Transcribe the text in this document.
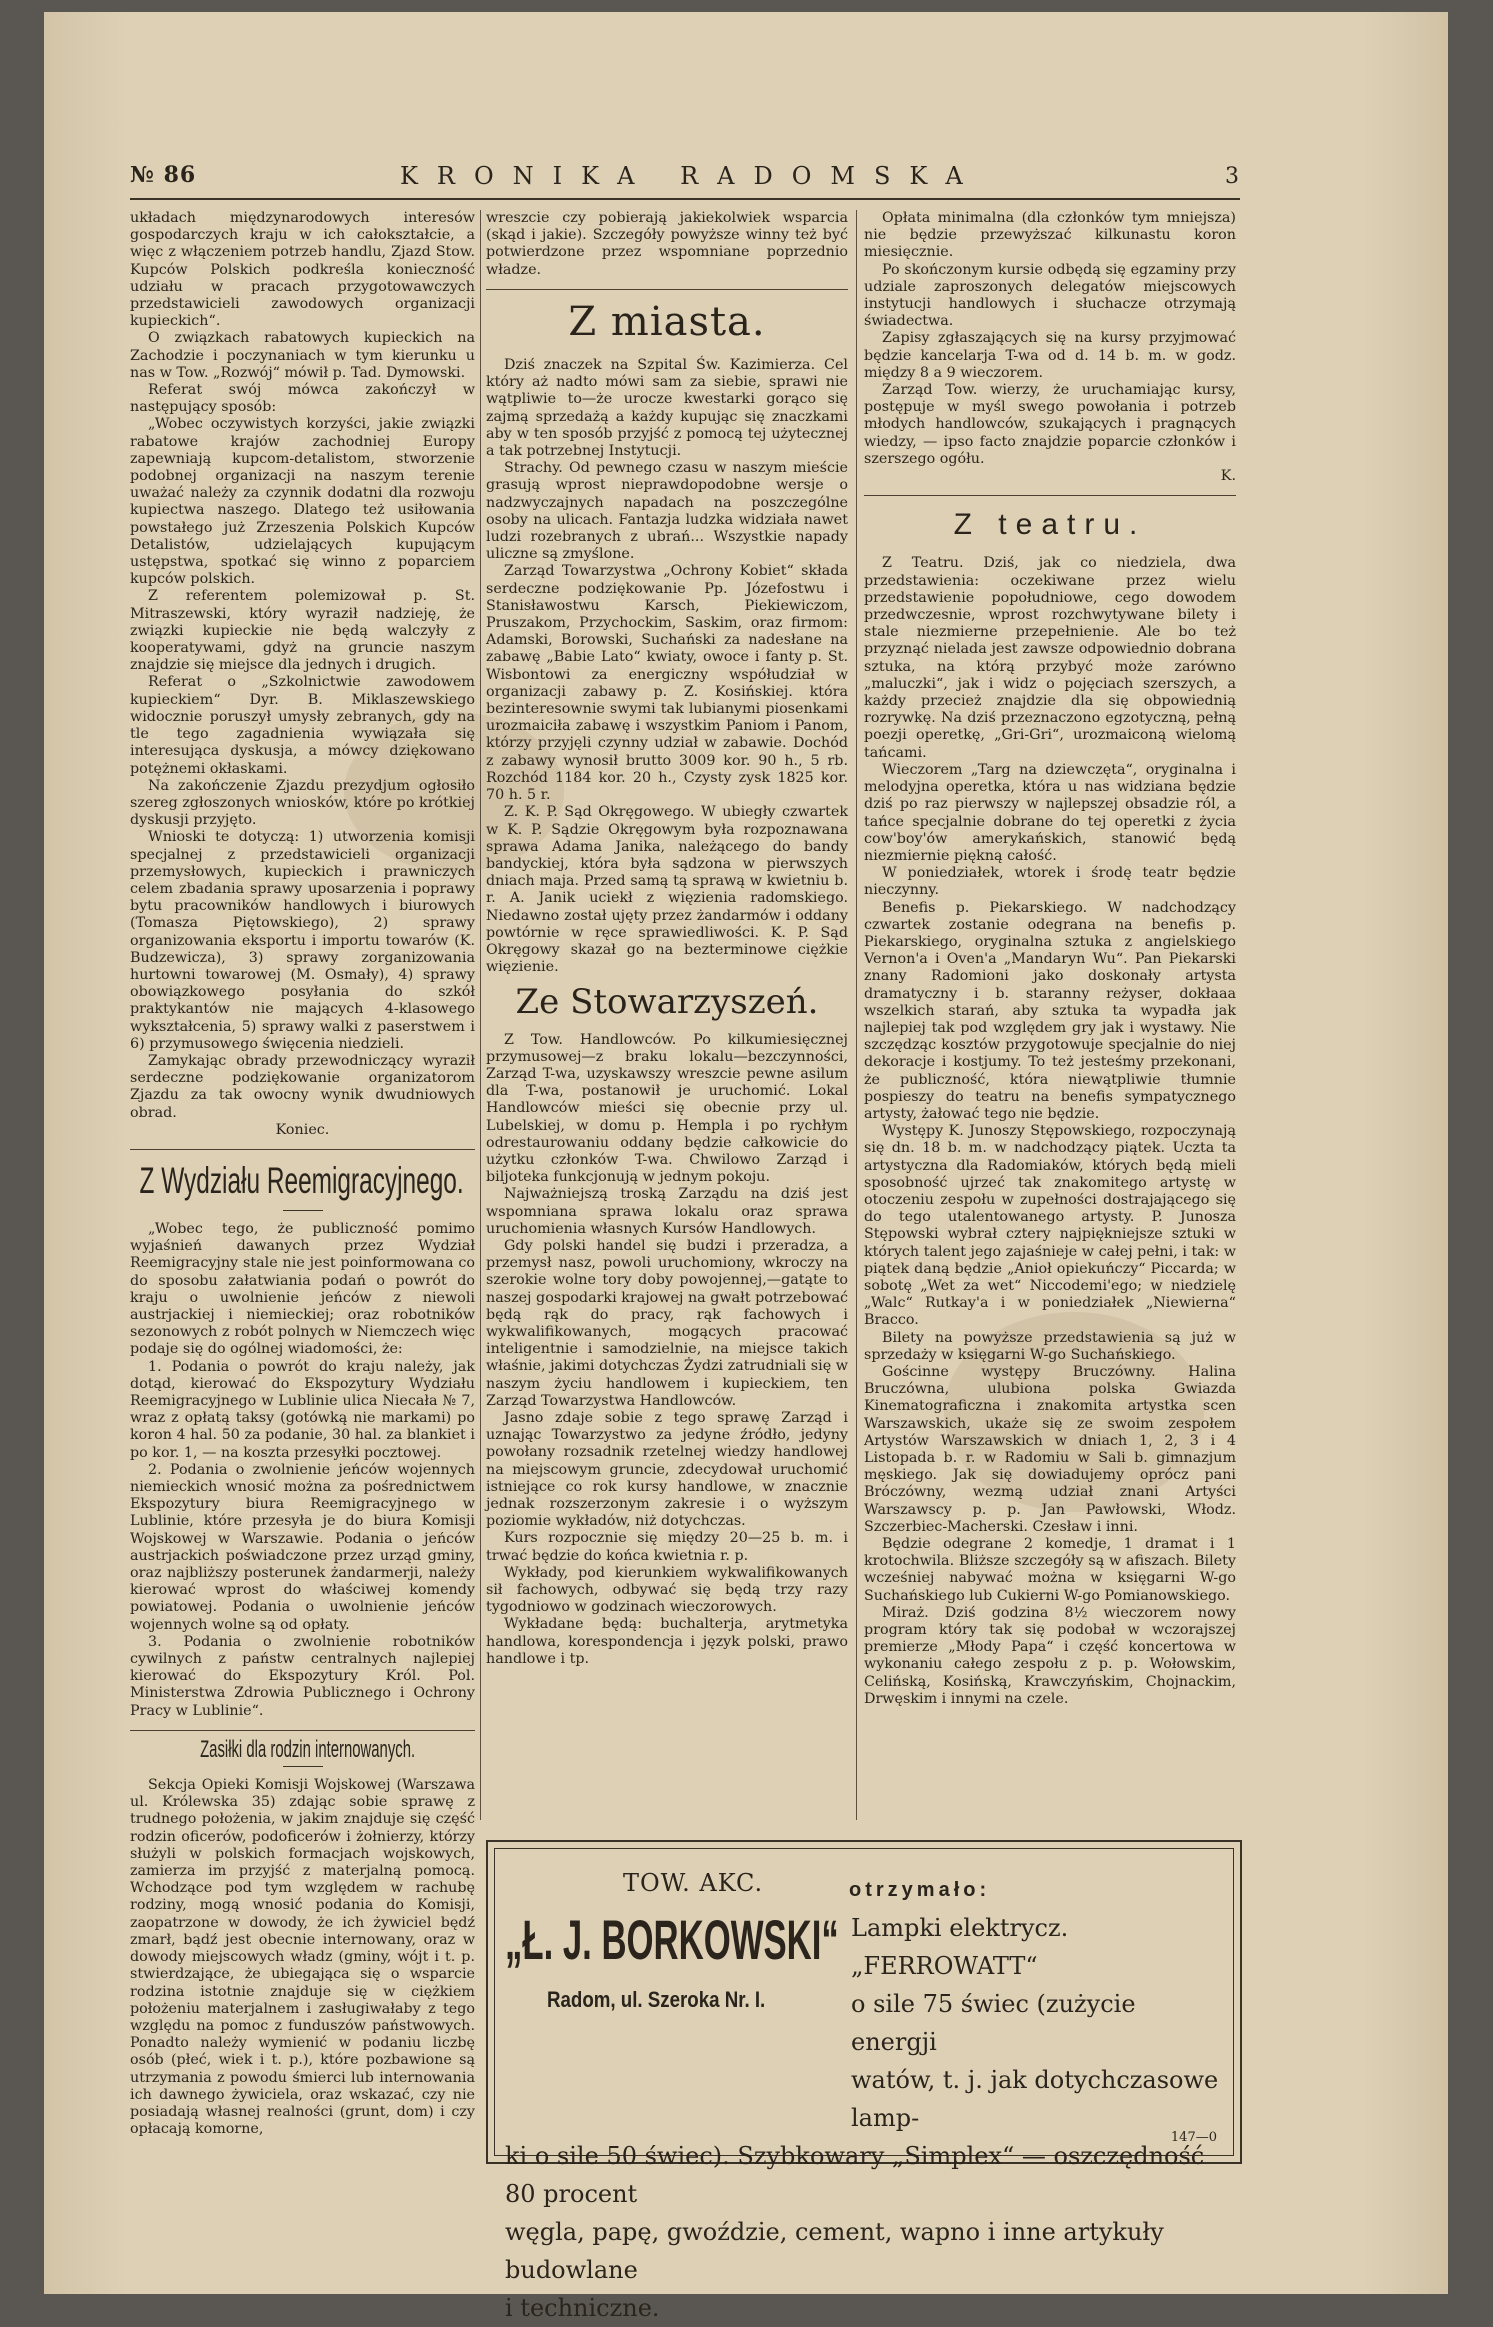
№ 86	KRONIKA RADOMSKA	3

układach międzynarodowych interesów gospodarczych kraju w ich całokształcie, a więc z włączeniem potrzeb handlu, Zjazd Stow. Kupców Polskich podkreśla konieczność udziału w pracach przygotowawczych przedstawicieli zawodowych organizacji kupieckich“.

O związkach rabatowych kupieckich na Zachodzie i poczynaniach w tym kierunku u nas w Tow. „Rozwój“ mówił p. Tad. Dymowski.

Referat swój mówca zakończył w następujący sposób:

„Wobec oczywistych korzyści, jakie związki rabatowe krajów zachodniej Europy zapewniają kupcom-detalistom, stworzenie podobnej organizacji na naszym terenie uważać należy za czynnik dodatni dla rozwoju kupiectwa naszego. Dlatego też usiłowania powstałego już Zrzeszenia Polskich Kupców Detalistów, udzielających kupującym ustępstwa, spotkać się winno z poparciem kupców polskich.

Z referentem polemizował p. St. Mitraszewski, który wyraził nadzieję, że związki kupieckie nie będą walczyły z kooperatywami, gdyż na gruncie naszym znajdzie się miejsce dla jednych i drugich.

Referat o „Szkolnictwie zawodowem kupieckiem“ Dyr. B. Miklaszewskiego widocznie poruszył umysły zebranych, gdy na tle tego zagadnienia wywiązała się interesująca dyskusja, a mówcy dziękowano potężnemi okłaskami.

Na zakończenie Zjazdu prezydjum ogłosiło szereg zgłoszonych wniosków, które po krótkiej dyskusji przyjęto.

Wnioski te dotyczą: 1) utworzenia komisji specjalnej z przedstawicieli organizacji przemysłowych, kupieckich i prawniczych celem zbadania sprawy uposarzenia i poprawy bytu pracowników handlowych i biurowych (Tomasza Piętowskiego), 2) sprawy organizowania eksportu i importu towarów (K. Budzewicza), 3) sprawy zorganizowania hurtowni towarowej (M. Osmały), 4) sprawy obowiązkowego posyłania do szkół praktykantów nie mających 4-klasowego wykształcenia, 5) sprawy walki z paserstwem i 6) przymusowego święcenia niedzieli.

Zamykając obrady przewodniczący wyraził serdeczne podziękowanie organizatorom Zjazdu za tak owocny wynik dwudniowych obrad.

Koniec.

Z Wydziału Reemigracyjnego.

„Wobec tego, że publiczność pomimo wyjaśnień dawanych przez Wydział Reemigracyjny stale nie jest poinformowana co do sposobu załatwiania podań o powrót do kraju o uwolnienie jeńców z niewoli austrjackiej i niemieckiej; oraz robotników sezonowych z robót polnych w Niemczech więc podaje się do ogólnej wiadomości, że:

1. Podania o powrót do kraju należy, jak dotąd, kierować do Ekspozytury Wydziału Reemigracyjnego w Lublinie ulica Niecała № 7, wraz z opłatą taksy (gotówką nie markami) po koron 4 hal. 50 za podanie, 30 hal. za blankiet i po kor. 1, — na koszta przesyłki pocztowej.

2. Podania o zwolnienie jeńców wojennych niemieckich wnosić można za pośrednictwem Ekspozytury biura Reemigracyjnego w Lublinie, które przesyła je do biura Komisji Wojskowej w Warszawie. Podania o jeńców austrjackich poświadczone przez urząd gminy, oraz najbliższy posterunek żandarmerji, należy kierować wprost do właściwej komendy powiatowej. Podania o uwolnienie jeńców wojennych wolne są od opłaty.

3. Podania o zwolnienie robotników cywilnych z państw centralnych najlepiej kierować do Ekspozytury Król. Pol. Ministerstwa Zdrowia Publicznego i Ochrony Pracy w Lublinie“.

Zasiłki dla rodzin internowanych.

Sekcja Opieki Komisji Wojskowej (Warszawa ul. Królewska 35) zdając sobie sprawę z trudnego położenia, w jakim znajduje się część rodzin oficerów, podoficerów i żołnierzy, którzy służyli w polskich formacjach wojskowych, zamierza im przyjść z materjalną pomocą. Wchodzące pod tym względem w rachubę rodziny, mogą wnosić podania do Komisji, zaopatrzone w dowody, że ich żywiciel będź zmarł, bądź jest obecnie internowany, oraz w dowody miejscowych władz (gminy, wójt i t. p. stwierdzające, że ubiegająca się o wsparcie rodzina istotnie znajduje się w ciężkiem położeniu materjalnem i zasługiwałaby z tego względu na pomoc z funduszów państwowych. Ponadto należy wymienić w podaniu liczbę osób (płeć, wiek i t. p.), które pozbawione są utrzymania z powodu śmierci lub internowania ich dawnego żywiciela, oraz wskazać, czy nie posiadają własnej realności (grunt, dom) i czy opłacają komorne,

wreszcie czy pobierają jakiekolwiek wsparcia (skąd i jakie). Szczegóły powyższe winny też być potwierdzone przez wspomniane poprzednio władze.

Z miasta.

Dziś znaczek na Szpital Św. Kazimierza. Cel który aż nadto mówi sam za siebie, sprawi nie wątpliwie to—że urocze kwestarki gorąco się zajmą sprzedażą a każdy kupując się znaczkami aby w ten sposób przyjść z pomocą tej użytecznej a tak potrzebnej Instytucji.

Strachy. Od pewnego czasu w naszym mieście grasują wprost nieprawdopodobne wersje o nadzwyczajnych napadach na poszczególne osoby na ulicach. Fantazja ludzka widziała nawet ludzi rozebranych z ubrań... Wszystkie napady uliczne są zmyślone.

Zarząd Towarzystwa „Ochrony Kobiet“ składa serdeczne podziękowanie Pp. Józefostwu i Stanisławostwu Karsch, Piekiewiczom, Pruszakom, Przychockim, Saskim, oraz firmom: Adamski, Borowski, Suchański za nadesłane na zabawę „Babie Lato“ kwiaty, owoce i fanty p. St. Wisbontowi za energiczny współudział w organizacji zabawy p. Z. Kosińskiej. która bezinteresownie swymi tak lubianymi piosenkami urozmaiciła zabawę i wszystkim Paniom i Panom, którzy przyjęli czynny udział w zabawie. Dochód z zabawy wynosił brutto 3009 kor. 90 h., 5 rb. Rozchód 1184 kor. 20 h., Czysty zysk 1825 kor. 70 h. 5 r.

Z. K. P. Sąd Okręgowego. W ubiegły czwartek w K. P. Sądzie Okręgowym była rozpoznawana sprawa Adama Janika, należącego do bandy bandyckiej, która była sądzona w pierwszych dniach maja. Przed samą tą sprawą w kwietniu b. r. A. Janik uciekł z więzienia radomskiego. Niedawno został ujęty przez żandarmów i oddany powtórnie w ręce sprawiedliwości. K. P. Sąd Okręgowy skazał go na bezterminowe ciężkie więzienie.

Ze Stowarzyszeń.

Z Tow. Handlowców. Po kilkumiesięcznej przymusowej—z braku lokalu—bezczynności, Zarząd T-wa, uzyskawszy wreszcie pewne asilum dla T-wa, postanowił je uruchomić. Lokal Handlowców mieści się obecnie przy ul. Lubelskiej, w domu p. Hempla i po rychłym odrestaurowaniu oddany będzie całkowicie do użytku członków T-wa. Chwilowo Zarząd i biljoteka funkcjonują w jednym pokoju.

Najważniejszą troską Zarządu na dziś jest wspomniana sprawa lokalu oraz sprawa uruchomienia własnych Kursów Handlowych.

Gdy polski handel się budzi i przeradza, a przemysł nasz, powoli uruchomiony, wkroczy na szerokie wolne tory doby powojennej,—gatąte to naszej gospodarki krajowej na gwałt potrzebować będą rąk do pracy, rąk fachowych i wykwalifikowanych, mogących pracować inteligentnie i samodzielnie, na miejsce takich właśnie, jakimi dotychczas Żydzi zatrudniali się w naszym życiu handlowem i kupieckiem, ten Zarząd Towarzystwa Handlowców.

Jasno zdaje sobie z tego sprawę Zarząd i uznając Towarzystwo za jedyne źródło, jedyny powołany rozsadnik rzetelnej wiedzy handlowej na miejscowym gruncie, zdecydował uruchomić istniejące co rok kursy handlowe, w znacznie jednak rozszerzonym zakresie i o wyższym poziomie wykładów, niż dotychczas.

Kurs rozpocznie się między 20—25 b. m. i trwać będzie do końca kwietnia r. p.

Wykłady, pod kierunkiem wykwalifikowanych sił fachowych, odbywać się będą trzy razy tygodniowo w godzinach wieczorowych.

Wykładane będą: buchalterja, arytmetyka handlowa, korespondencja i język polski, prawo handlowe i tp.

Opłata minimalna (dla członków tym mniejsza) nie będzie przewyższać kilkunastu koron miesięcznie.

Po skończonym kursie odbędą się egzaminy przy udziale zaproszonych delegatów miejscowych instytucji handlowych i słuchacze otrzymają świadectwa.

Zapisy zgłaszających się na kursy przyjmować będzie kancelarja T-wa od d. 14 b. m. w godz. między 8 a 9 wieczorem.

Zarząd Tow. wierzy, że uruchamiając kursy, postępuje w myśl swego powołania i potrzeb młodych handlowców, szukających i pragnących wiedzy, — ipso facto znajdzie poparcie członków i szerszego ogółu.

K.

Z teatru.

Z Teatru. Dziś, jak co niedziela, dwa przedstawienia: oczekiwane przez wielu przedstawienie popołudniowe, cego dowodem przedwczesnie, wprost rozchwytywane bilety i stale niezmierne przepełnienie. Ale bo też przyznąć nielada jest zawsze odpowiednio dobrana sztuka, na którą przybyć może zarówno „maluczki“, jak i widz o pojęciach szerszych, a każdy przecież znajdzie dla się obpowiednią rozrywkę. Na dziś przeznaczono egzotyczną, pełną poezji operetkę, „Gri-Gri“, urozmaiconą wielomą tańcami.

Wieczorem „Targ na dziewczęta“, oryginalna i melodyjna operetka, która u nas widziana będzie dziś po raz pierwszy w najlepszej obsadzie ról, a tańce specjalnie dobrane do tej operetki z życia cow'boy'ów amerykańskich, stanowić będą niezmiernie piękną całość.

W poniedziałek, wtorek i środę teatr będzie nieczynny.

Benefis p. Piekarskiego. W nadchodzący czwartek zostanie odegrana na benefis p. Piekarskiego, oryginalna sztuka z angielskiego Vernon'a i Oven'a „Mandaryn Wu“. Pan Piekarski znany Radomioni jako doskonały artysta dramatyczny i b. staranny reżyser, dokłaaa wszelkich starań, aby sztuka ta wypadła jak najlepiej tak pod względem gry jak i wystawy. Nie szczędząc kosztów przygotowuje specjalnie do niej dekoracje i kostjumy. To też jesteśmy przekonani, że publiczność, która niewątpliwie tłumnie pospieszy do teatru na benefis sympatycznego artysty, żałować tego nie będzie.

Występy K. Junoszy Stępowskiego, rozpoczynają się dn. 18 b. m. w nadchodzący piątek. Uczta ta artystyczna dla Radomiaków, których będą mieli sposobność ujrzeć tak znakomitego artystę w otoczeniu zespołu w zupełności dostrajającego się do tego utalentowanego artysty. P. Junosza Stępowski wybrał cztery najpiękniejsze sztuki w których talent jego zajaśnieje w całej pełni, i tak: w piątek daną będzie „Anioł opiekuńczy“ Piccarda; w sobotę „Wet za wet“ Niccodemi'ego; w niedzielę „Walc“ Rutkay'a i w poniedziałek „Niewierna“ Bracco.

Bilety na powyższe przedstawienia są już w sprzedaży w księgarni W-go Suchańskiego.

Gościnne występy Bruczówny. Halina Bruczówna, ulubiona polska Gwiazda Kinematograficzna i znakomita artystka scen Warszawskich, ukaże się ze swoim zespołem Artystów Warszawskich w dniach 1, 2, 3 i 4 Listopada b. r. w Radomiu w Sali b. gimnazjum męskiego. Jak się dowiadujemy oprócz pani Bróczówny, wezmą udział znani Artyści Warszawscy p. p. Jan Pawłowski, Włodz. Szczerbiec-Macherski. Czesław i inni.

Będzie odegrane 2 komedje, 1 dramat i 1 krotochwila. Bliższe szczegóły są w afiszach. Bilety wcześniej nabywać można w księgarni W-go Suchańskiego lub Cukierni W-go Pomianowskiego.

Miraż. Dziś godzina 8½ wieczorem nowy program który tak się podobał w wczorajszej premierze „Młody Papa“ i część koncertowa w wykonaniu całego zespołu z p. p. Wołowskim, Celińską, Kosińską, Krawczyńskim, Chojnackim, Drwęskim i innymi na czele.

TOW. AKC.
„Ł. J. BORKOWSKI“
Radom, ul. Szeroka Nr. I.
otrzymało:
Lampki elektrycz. „FERROWATT“
o sile 75 świec (zużycie energji
watów, t. j. jak dotychczasowe lamp-
ki o sile 50 świec). Szybkowary „Simplex“ — oszczędność 80 procent
węgla, papę, gwoździe, cement, wapno i inne artykuły budowlane
i techniczne.
147—0
